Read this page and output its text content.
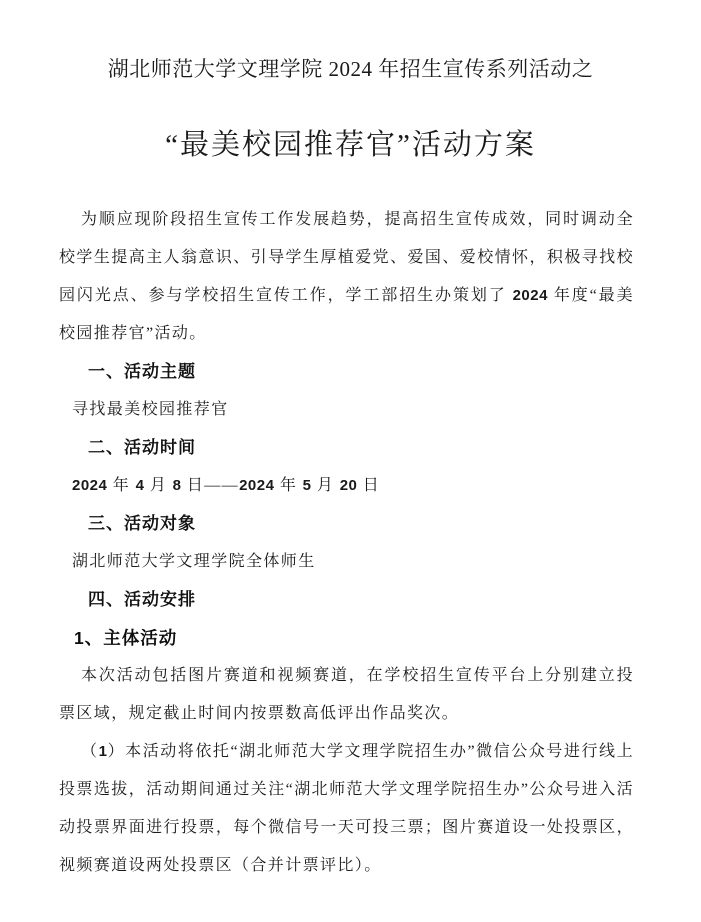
湖北师范大学文理学院 2024 年招生宣传系列活动之
“最美校园推荐官”活动方案

为顺应现阶段招生宣传工作发展趋势，提高招生宣传成效，同时调动全校学生提高主人翁意识、引导学生厚植爱党、爱国、爱校情怀，积极寻找校园闪光点、参与学校招生宣传工作，学工部招生办策划了 2024 年度“最美校园推荐官”活动。

一、活动主题

寻找最美校园推荐官

二、活动时间

2024 年 4 月 8 日——2024 年 5 月 20 日

三、活动对象

湖北师范大学文理学院全体师生

四、活动安排
1、主体活动

本次活动包括图片赛道和视频赛道，在学校招生宣传平台上分别建立投票区域，规定截止时间内按票数高低评出作品奖次。

（1）本活动将依托“湖北师范大学文理学院招生办”微信公众号进行线上投票选拔，活动期间通过关注“湖北师范大学文理学院招生办”公众号进入活动投票界面进行投票，每个微信号一天可投三票；图片赛道设一处投票区，视频赛道设两处投票区（合并计票评比）。
